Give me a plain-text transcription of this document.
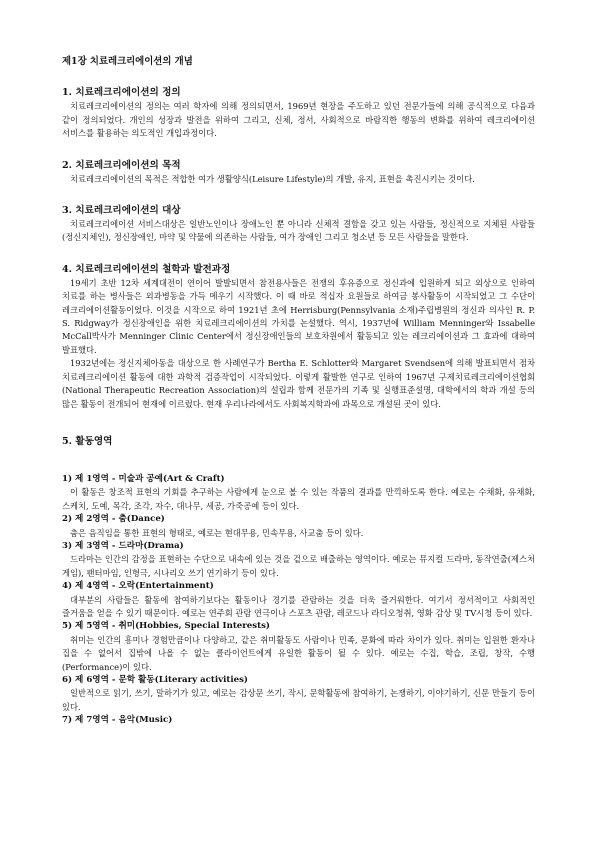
제1장 치료레크리에이션의 개념
1. 치료레크리에이션의 정의

치료레크리에이션의 정의는 여러 학자에 의해 정의되면서, 1969년 현장을 주도하고 있던 전문가들에 의해 공식적으로 다음과 같이 정의되었다. 개인의 성장과 발전을 위하여 그리고, 신체, 정서, 사회적으로 바람직한 행동의 변화를 위하여 레크리에이션 서비스를 활용하는 의도적인 개입과정이다.

2. 치료레크리에이션의 목적

치료레크리에이션의 목적은 적합한 여가 생활양식(Leisure Lifestyle)의 개발, 유지, 표현을 촉진시키는 것이다.

3. 치료레크리에이션의 대상

치료레크리에이션 서비스대상은 일반노인이나 장애노인 뿐 아니라 신체적 결함을 갖고 있는 사람들, 정신적으로 지체된 사람들(정신지체인), 정신장애인, 마약 및 약물에 의존하는 사람들, 여가 장애인 그리고 청소년 등 모든 사람들을 말한다.

4. 치료레크리에이션의 철학과 발전과정

19세기 초반 12차 세계대전이 연이어 발발되면서 참전용사들은 전쟁의 후유증으로 정신과에 입원하게 되고 외상으로 인하여 치료를 하는 병사들은 외과병동을 가득 메우기 시작했다. 이 때 바로 적십자 요원들로 하여금 봉사활동이 시작되었고 그 수단이 레크리에이션활동이었다. 이것을 시작으로 하여 1921년 초에 Herrisburg(Pennsylvania 소재)주립병원의 정신과 의사인 R. P. S. Ridgway가 정신장애인을 위한 치료레크리에이션의 가치를 논설했다. 역시, 1937년에 William Menninger와 Issabelle McCall박사가 Menninger Clinic Center에서 정신장애인들의 보호차원에서 활동되고 있는 레크리에이션과 그 효과에 대하여 발표했다.

1932년에는 정신지체아동을 대상으로 한 사례연구가 Bertha E. Schlotter와 Margaret Svendsen에 의해 발표되면서 점차 치료레크리에이션 활동에 대한 과학적 검증작업이 시작되었다. 이렇게 활발한 연구로 인하여 1967년 구제치료레크리에이션협회(National Therapeutic Recreation Association)의 설립과 함께 전문가의 기족 및 실행표준설명, 대학에서의 학과 개설 등의 많은 활동이 전개되어 현재에 이르렀다. 현재 우리나라에서도 사회복지학과에 과목으로 개설된 곳이 있다.

5. 활동영역
1) 제 1영역 - 미술과 공예(Art & Craft)

이 활동은 창조적 표현의 기회를 추구하는 사람에게 눈으로 볼 수 있는 작품의 결과를 만끽하도록 한다. 예로는 수채화, 유채화, 스케치, 도예, 목각, 조각, 자수, 대나무, 세공, 가죽공예 등이 있다.

2) 제 2영역 - 춤(Dance)

춤은 음직임을 통한 표현의 형태로, 예로는 현대무용, 민속무용, 사교춤 등이 있다.

3) 제 3영역 - 드라마(Drama)

드라마는 인간의 감정을 표현하는 수단으로 내속에 있는 것을 겉으로 배출하는 영역이다. 예로는 뮤지컬 드라마, 동작연출(제스처 게임), 팬터마임, 인형극, 시나리오 쓰기 연기하기 등이 있다.

4) 제 4영역 - 오락(Entertainment)

대부분의 사람들은 활동에 참여하기보다는 활동이나 경기를 관람하는 것을 더욱 즐거워한다. 여기서 정서적이고 사회적인 즐거움을 얻을 수 있기 때문이다. 예로는 연주회 관람 연극이나 스포츠 관람, 레코드나 라디오청취, 영화 감상 및 TV시청 등이 있다.

5) 제 5영역 - 취미(Hobbies, Special Interests)

취미는 인간의 흥미나 경험만큼이나 다양하고, 같은 취미활동도 사람이나 민족, 문화에 따라 차이가 있다. 취미는 입원한 환자나 집을 수 없어서 집밖에 나올 수 없는 클라이언트에게 유일한 활동이 될 수 있다. 예로는 수집, 학습, 조립, 창작, 수행(Performance)이 있다.

6) 제 6영역 - 문학 활동(Literary activities)

일반적으로 읽기, 쓰기, 말하기가 있고, 예로는 감상문 쓰기, 작시, 문학활동에 참여하기, 논쟁하기, 이야기하기, 신문 만들기 등이 있다.

7) 제 7영역 - 음악(Music)
